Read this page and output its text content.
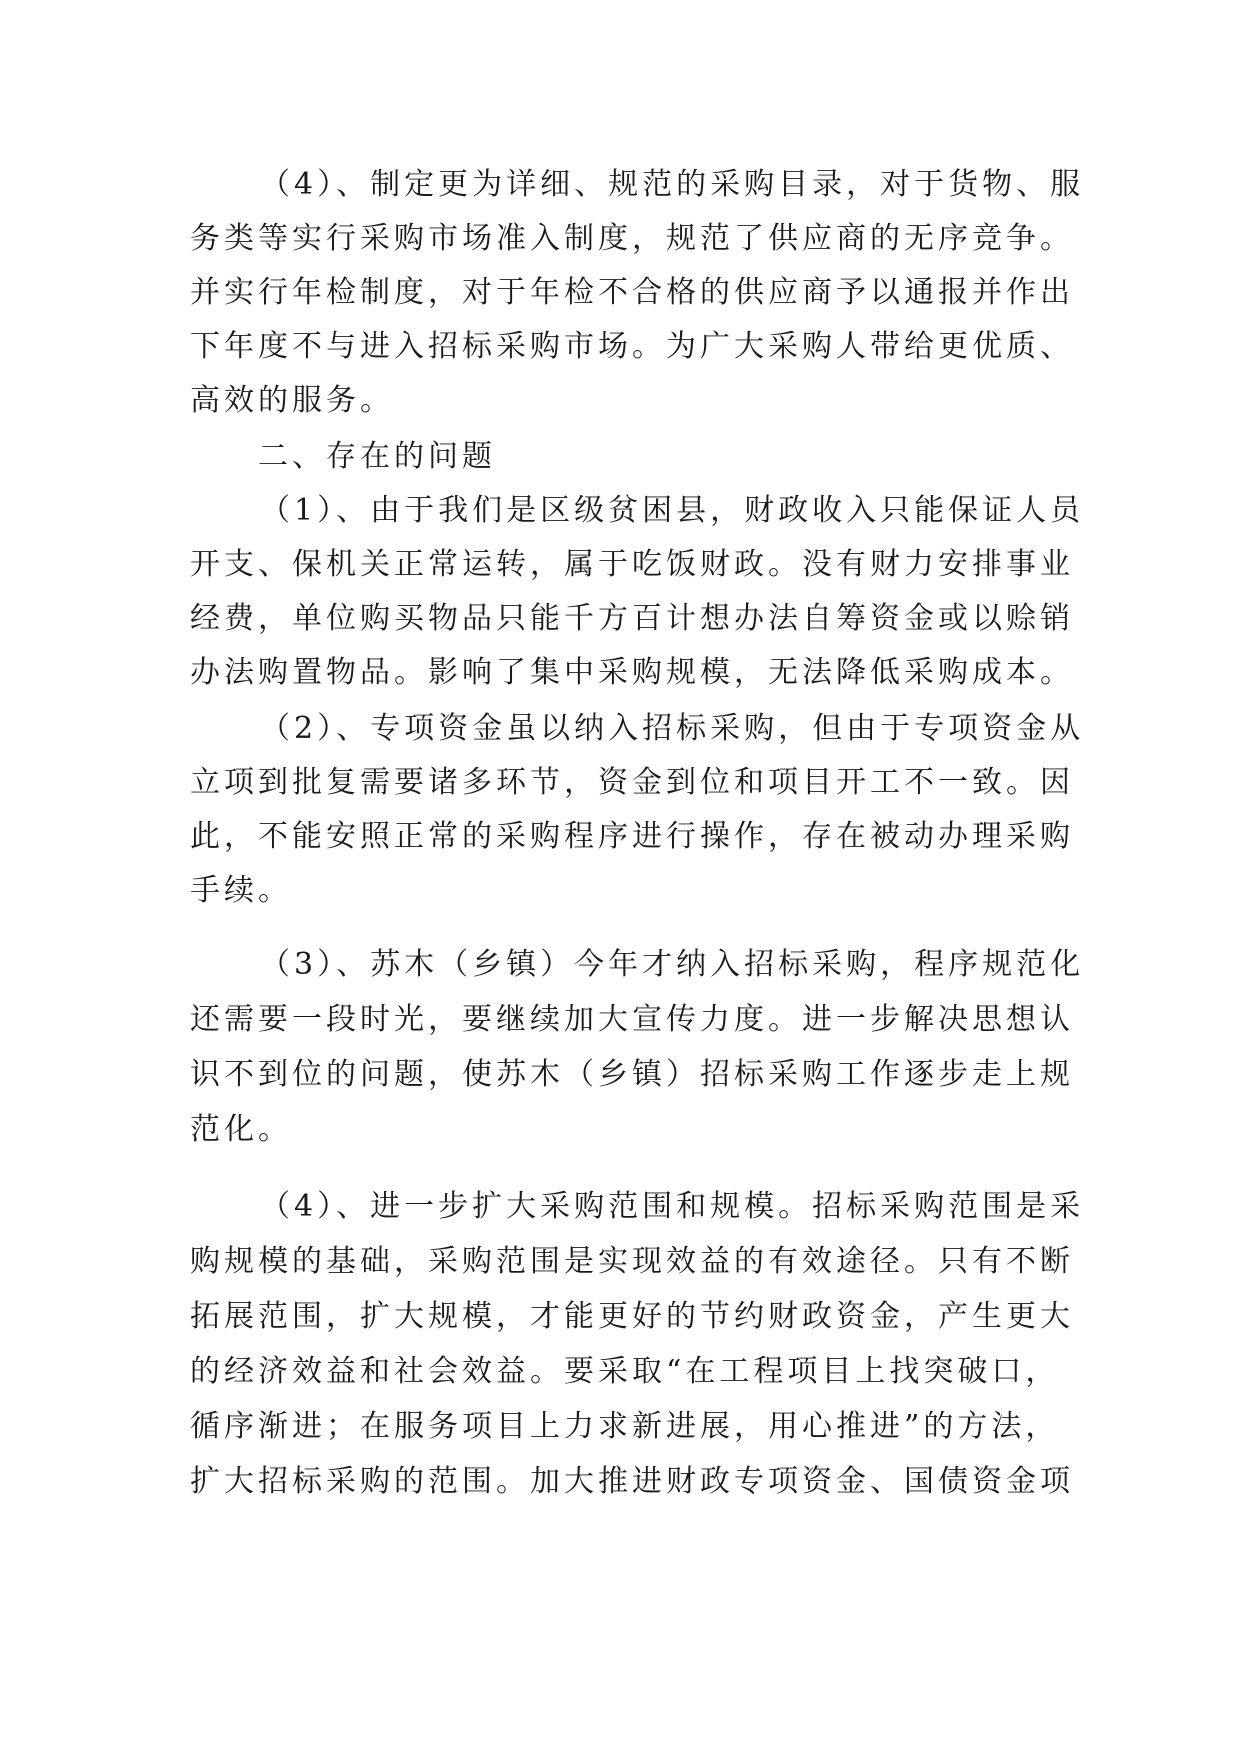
（4）、制定更为详细、规范的采购目录，对于货物、服
务类等实行采购市场准入制度，规范了供应商的无序竞争。
并实行年检制度，对于年检不合格的供应商予以通报并作出
下年度不与进入招标采购市场。为广大采购人带给更优质、
高效的服务。
二、存在的问题
（1）、由于我们是区级贫困县，财政收入只能保证人员
开支、保机关正常运转，属于吃饭财政。没有财力安排事业
经费，单位购买物品只能千方百计想办法自筹资金或以赊销
办法购置物品。影响了集中采购规模，无法降低采购成本。
（2）、专项资金虽以纳入招标采购，但由于专项资金从
立项到批复需要诸多环节，资金到位和项目开工不一致。因
此，不能安照正常的采购程序进行操作，存在被动办理采购
手续。
（3）、苏木（乡镇）今年才纳入招标采购，程序规范化
还需要一段时光，要继续加大宣传力度。进一步解决思想认
识不到位的问题，使苏木（乡镇）招标采购工作逐步走上规
范化。
（4）、进一步扩大采购范围和规模。招标采购范围是采
购规模的基础，采购范围是实现效益的有效途径。只有不断
拓展范围，扩大规模，才能更好的节约财政资金，产生更大
的经济效益和社会效益。要采取“在工程项目上找突破口，
循序渐进；在服务项目上力求新进展，用心推进”的方法，
扩大招标采购的范围。加大推进财政专项资金、国债资金项
